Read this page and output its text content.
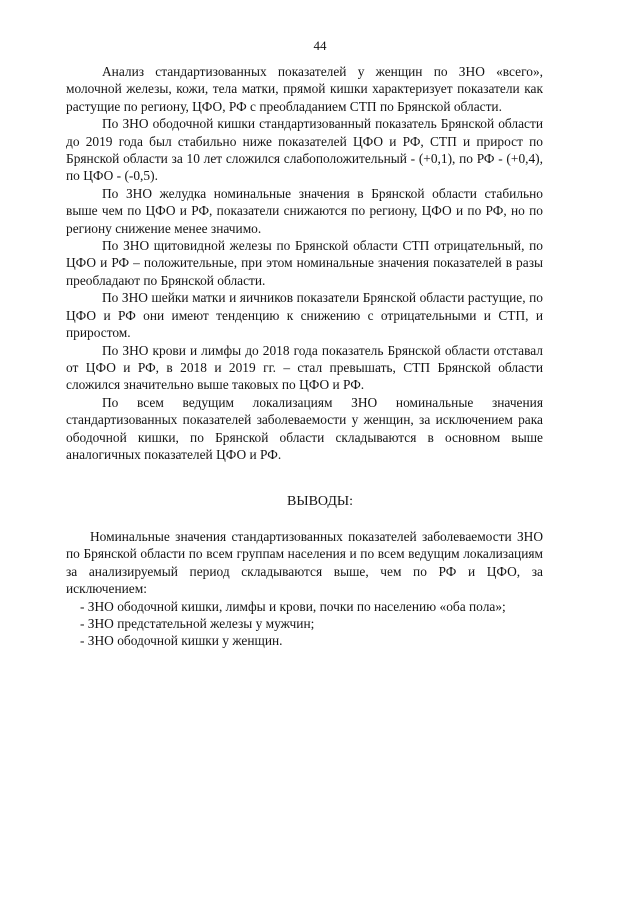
44

Анализ стандартизованных показателей у женщин по ЗНО «всего», молочной железы, кожи, тела матки, прямой кишки характеризует показатели как растущие по региону, ЦФО, РФ с преобладанием СТП по Брянской области.

По ЗНО ободочной кишки стандартизованный показатель Брянской области до 2019 года был стабильно ниже показателей ЦФО и РФ, СТП и прирост по Брянской области за 10 лет сложился слабоположительный - (+0,1), по РФ - (+0,4), по ЦФО - (-0,5).

По ЗНО желудка номинальные значения в Брянской области стабильно выше чем по ЦФО и РФ, показатели снижаются по региону, ЦФО и по РФ, но по региону снижение менее значимо.

По ЗНО щитовидной железы по Брянской области СТП отрицательный, по ЦФО и РФ – положительные, при этом номинальные значения показателей в разы преобладают по Брянской области.

По ЗНО шейки матки и яичников показатели Брянской области растущие, по ЦФО и РФ они имеют тенденцию к снижению с отрицательными и СТП, и приростом.

По ЗНО крови и лимфы до 2018 года показатель Брянской области отставал от ЦФО и РФ, в 2018 и 2019 гг. – стал превышать, СТП Брянской области сложился значительно выше таковых по ЦФО и РФ.

По всем ведущим локализациям ЗНО номинальные значения стандартизованных показателей заболеваемости у женщин, за исключением рака ободочной кишки, по Брянской области складываются в основном выше аналогичных показателей ЦФО и РФ.

ВЫВОДЫ:

Номинальные значения стандартизованных показателей заболеваемости ЗНО по Брянской области по всем группам населения и по всем ведущим локализациям за анализируемый период складываются выше, чем по РФ и ЦФО, за исключением:

- ЗНО ободочной кишки, лимфы и крови, почки по населению «оба пола»;

- ЗНО предстательной железы у мужчин;

- ЗНО ободочной кишки у женщин.
